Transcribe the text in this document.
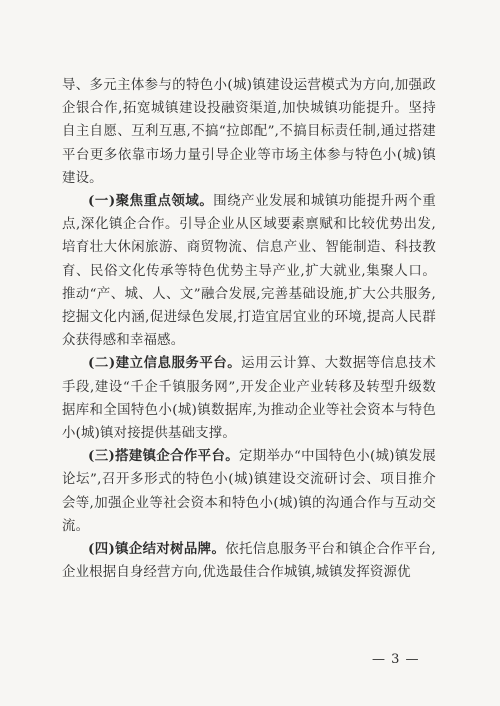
导、多元主体参与的特色小(城)镇建设运营模式为方向,加强政企银合作,拓宽城镇建设投融资渠道,加快城镇功能提升。坚持自主自愿、互利互惠,不搞“拉郎配”,不搞目标责任制,通过搭建平台更多依靠市场力量引导企业等市场主体参与特色小(城)镇建设。

(一)聚焦重点领域。围绕产业发展和城镇功能提升两个重点,深化镇企合作。引导企业从区域要素禀赋和比较优势出发,培育壮大休闲旅游、商贸物流、信息产业、智能制造、科技教育、民俗文化传承等特色优势主导产业,扩大就业,集聚人口。推动“产、城、人、文”融合发展,完善基础设施,扩大公共服务,挖掘文化内涵,促进绿色发展,打造宜居宜业的环境,提高人民群众获得感和幸福感。

(二)建立信息服务平台。运用云计算、大数据等信息技术手段,建设“千企千镇服务网”,开发企业产业转移及转型升级数据库和全国特色小(城)镇数据库,为推动企业等社会资本与特色小(城)镇对接提供基础支撑。

(三)搭建镇企合作平台。定期举办“中国特色小(城)镇发展论坛”,召开多形式的特色小(城)镇建设交流研讨会、项目推介会等,加强企业等社会资本和特色小(城)镇的沟通合作与互动交流。

(四)镇企结对树品牌。依托信息服务平台和镇企合作平台,企业根据自身经营方向,优选最佳合作城镇,城镇发挥资源优

— 3 —
